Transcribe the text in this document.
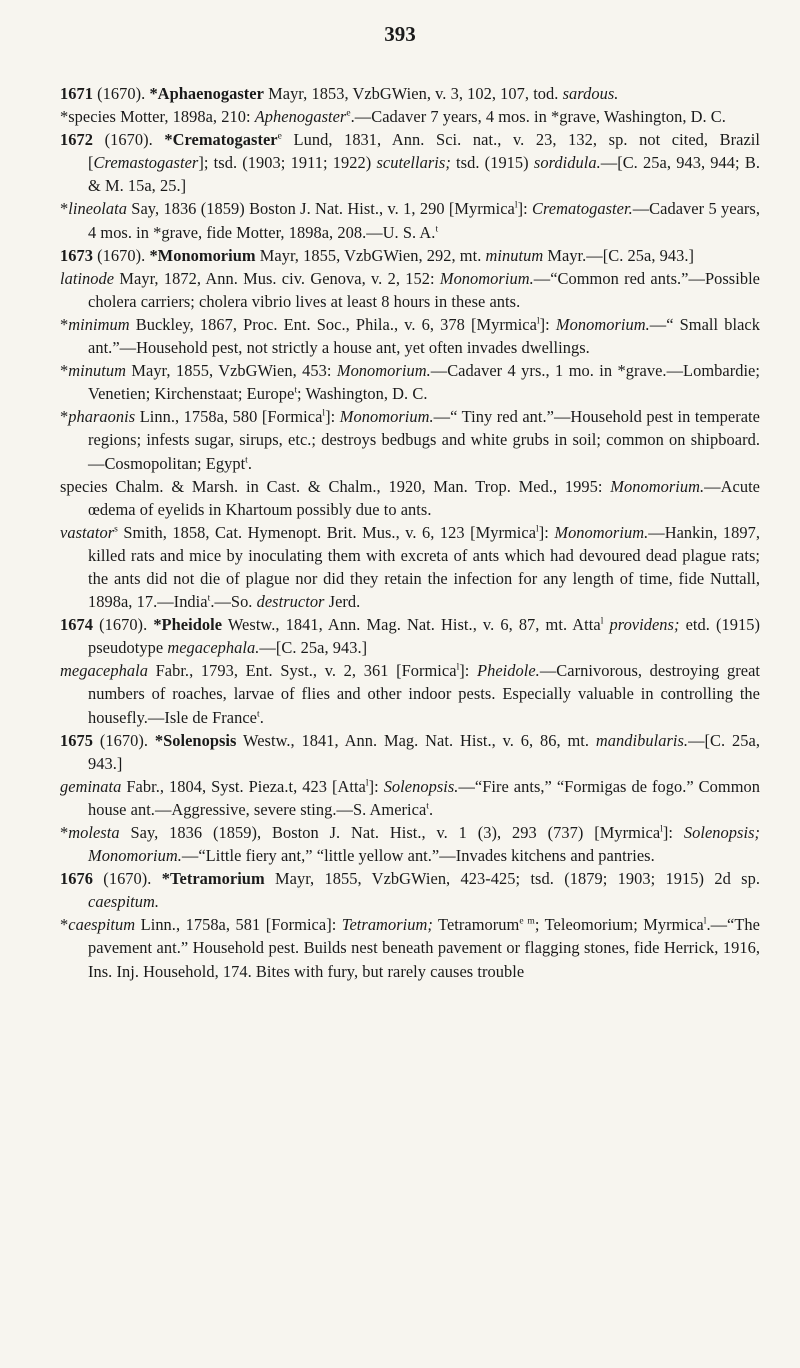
393

1671 (1670). *Aphaenogaster Mayr, 1853, VzbGWien, v. 3, 102, 107, tod. sardous.

*species Motter, 1898a, 210: Aphenogaster$^e$.—Cadaver 7 years, 4 mos. in *grave, Washington, D. C.

1672 (1670). *Crematogaster$^e$ Lund, 1831, Ann. Sci. nat., v. 23, 132, sp. not cited, Brazil [Cremastogaster]; tsd. (1903; 1911; 1922) scutellaris; tsd. (1915) sordidula.—[C. 25a, 943, 944; B. & M. 15a, 25.]

*lineolata Say, 1836 (1859) Boston J. Nat. Hist., v. 1, 290 [Myrmica$^l$]: Crematogaster.—Cadaver 5 years, 4 mos. in *grave, fide Motter, 1898a, 208.—U. S. A.$^t$

1673 (1670). *Monomorium Mayr, 1855, VzbGWien, 292, mt. minutum Mayr.—[C. 25a, 943.]

latinode Mayr, 1872, Ann. Mus. civ. Genova, v. 2, 152: Monomorium.—“Common red ants.”—Possible cholera carriers; cholera vibrio lives at least 8 hours in these ants.

*minimum Buckley, 1867, Proc. Ent. Soc., Phila., v. 6, 378 [Myrmica$^l$]: Monomorium.—“ Small black ant.”—Household pest, not strictly a house ant, yet often invades dwellings.

*minutum Mayr, 1855, VzbGWien, 453: Monomorium.—Cadaver 4 yrs., 1 mo. in *grave.—Lombardie; Venetien; Kirchenstaat; Europe$^t$; Washington, D. C.

*pharaonis Linn., 1758a, 580 [Formica$^l$]: Monomorium.—“ Tiny red ant.”—Household pest in temperate regions; infests sugar, sirups, etc.; destroys bedbugs and white grubs in soil; common on shipboard.—Cosmopolitan; Egypt$^t$.

species Chalm. & Marsh. in Cast. & Chalm., 1920, Man. Trop. Med., 1995: Monomorium.—Acute œdema of eyelids in Khartoum possibly due to ants.

vastator$^s$ Smith, 1858, Cat. Hymenopt. Brit. Mus., v. 6, 123 [Myrmica$^l$]: Monomorium.—Hankin, 1897, killed rats and mice by inoculating them with excreta of ants which had devoured dead plague rats; the ants did not die of plague nor did they retain the infection for any length of time, fide Nuttall, 1898a, 17.—India$^t$.—So. destructor Jerd.

1674 (1670). *Pheidole Westw., 1841, Ann. Mag. Nat. Hist., v. 6, 87, mt. Atta$^l$ providens; etd. (1915) pseudotype megacephala.—[C. 25a, 943.]

megacephala Fabr., 1793, Ent. Syst., v. 2, 361 [Formica$^l$]: Pheidole.—Carnivorous, destroying great numbers of roaches, larvae of flies and other indoor pests. Especially valuable in controlling the housefly.—Isle de France$^t$.

1675 (1670). *Solenopsis Westw., 1841, Ann. Mag. Nat. Hist., v. 6, 86, mt. mandibularis.—[C. 25a, 943.]

geminata Fabr., 1804, Syst. Pieza.t, 423 [Atta$^l$]: Solenopsis.—“Fire ants,” “Formigas de fogo.” Common house ant.—Aggressive, severe sting.—S. America$^t$.

*molesta Say, 1836 (1859), Boston J. Nat. Hist., v. 1 (3), 293 (737) [Myrmica$^l$]: Solenopsis; Monomorium.—“Little fiery ant,” “little yellow ant.”—Invades kitchens and pantries.

1676 (1670). *Tetramorium Mayr, 1855, VzbGWien, 423-425; tsd. (1879; 1903; 1915) 2d sp. caespitum.

*caespitum Linn., 1758a, 581 [Formica]: Tetramorium; Tetramorum$^{e m}$; Teleomorium; Myrmica$^l$.—“The pavement ant.” Household pest. Builds nest beneath pavement or flagging stones, fide Herrick, 1916, Ins. Inj. Household, 174. Bites with fury, but rarely causes trouble
